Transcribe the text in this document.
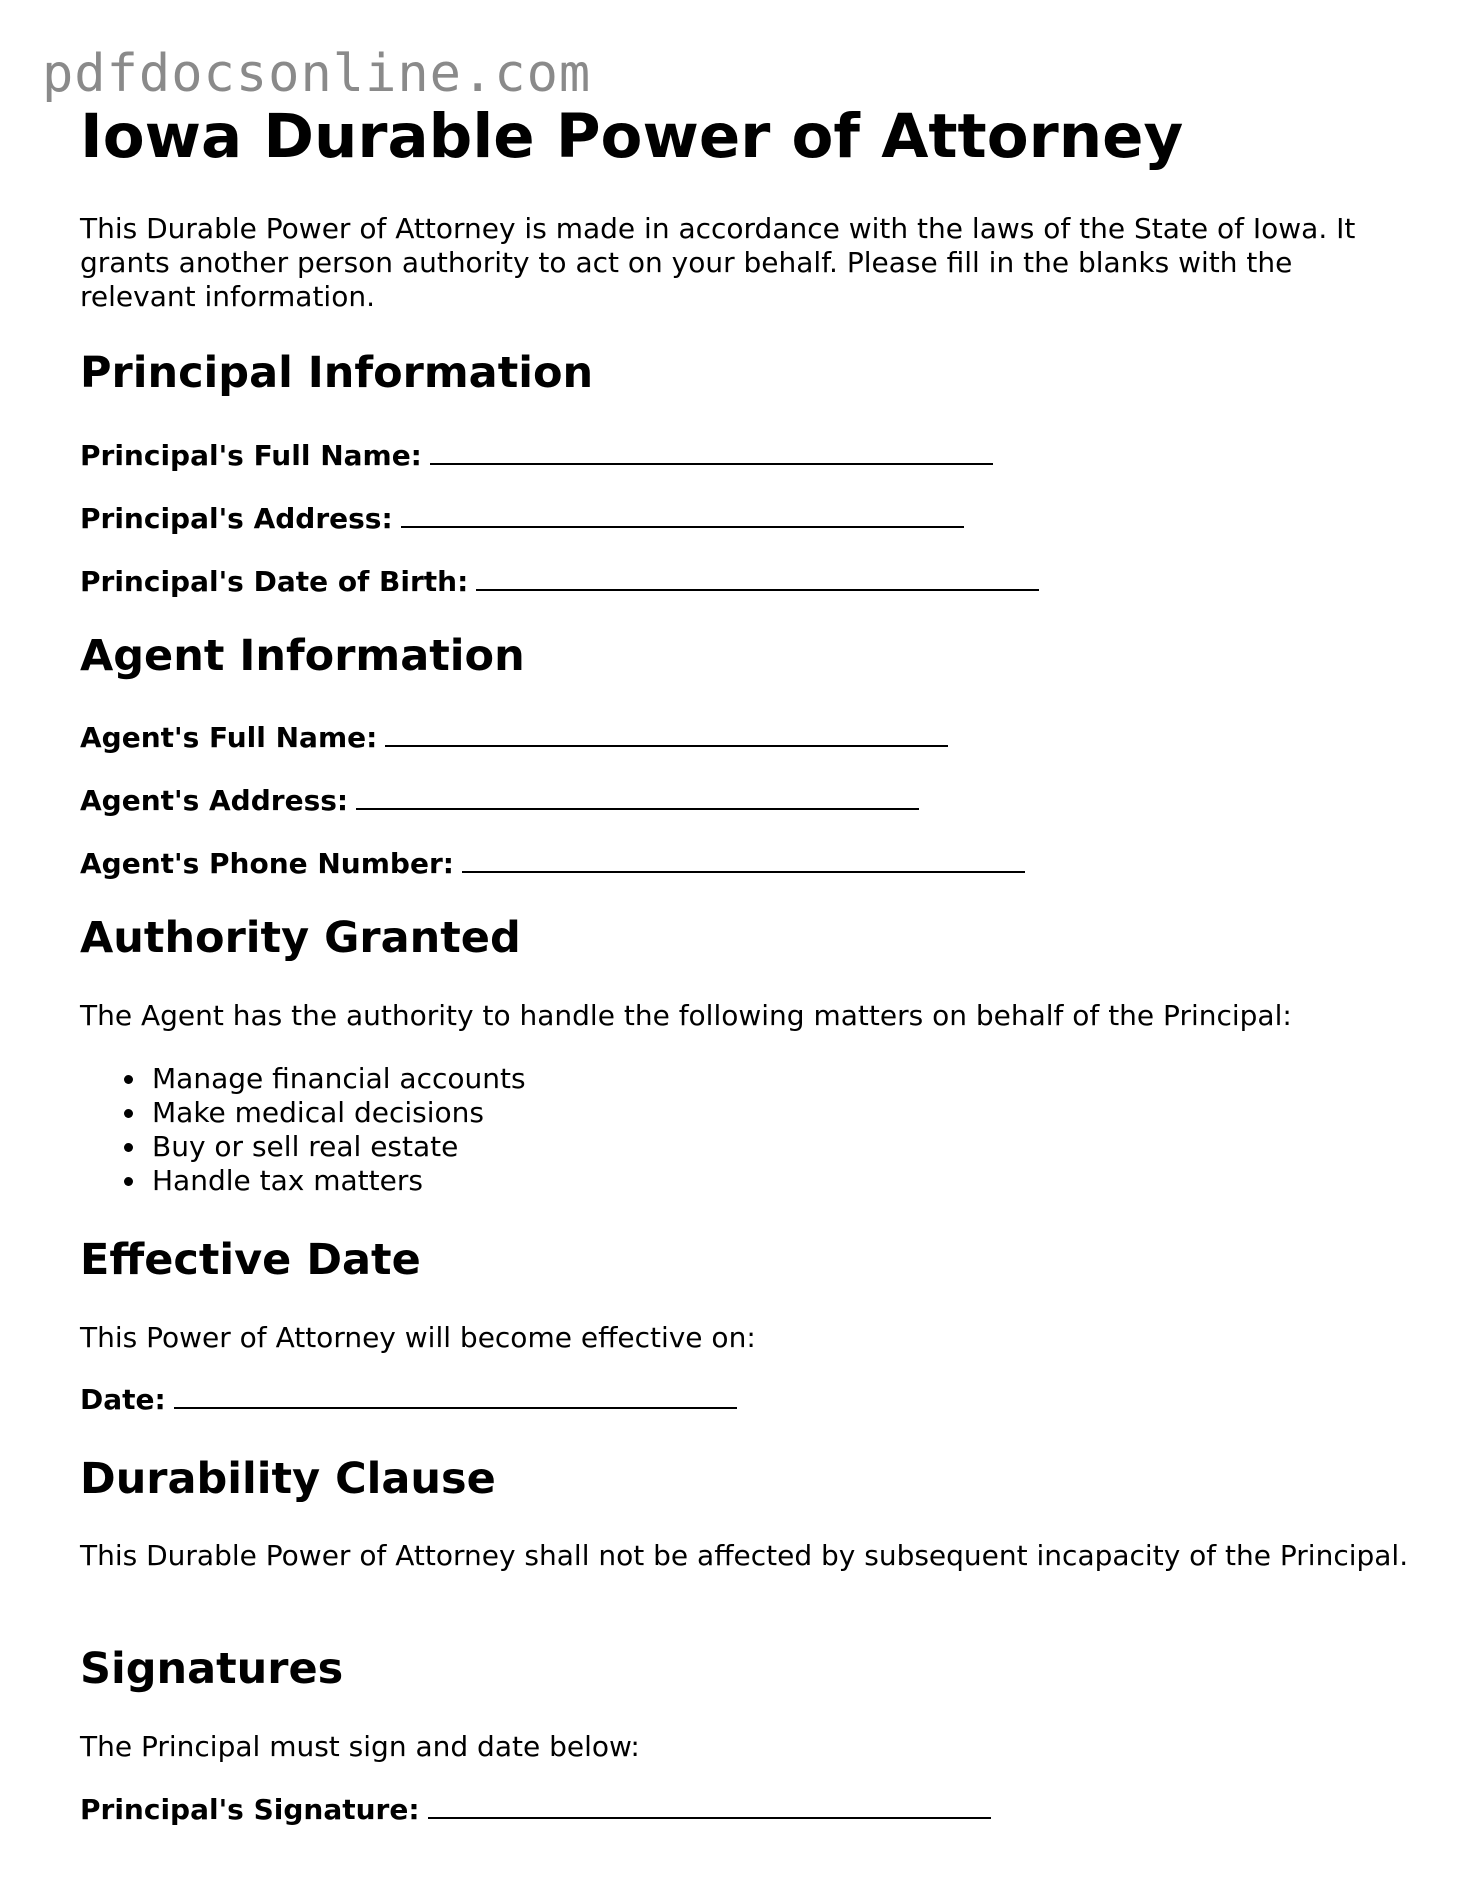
pdfdocsonline.com
Iowa Durable Power of Attorney

This Durable Power of Attorney is made in accordance with the laws of the State of Iowa. It grants another person authority to act on your behalf. Please fill in the blanks with the relevant information.

Principal Information
Principal's Full Name:
Principal's Address:
Principal's Date of Birth:
Agent Information
Agent's Full Name:
Agent's Address:
Agent's Phone Number:
Authority Granted

The Agent has the authority to handle the following matters on behalf of the Principal:

Manage financial accounts
Make medical decisions
Buy or sell real estate
Handle tax matters
Effective Date

This Power of Attorney will become effective on:

Date:
Durability Clause

This Durable Power of Attorney shall not be affected by subsequent incapacity of the Principal.

Signatures

The Principal must sign and date below:

Principal's Signature:
